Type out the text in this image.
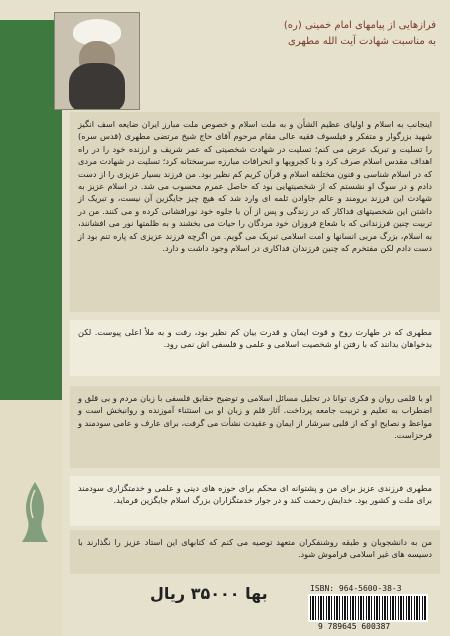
فرازهایی از پیامهای امام خمینی (ره)
به مناسبت شهادت آیت الله مطهری

اینجانب به اسلام و اولیای عظیم الشأن و به ملت اسلام و خصوص ملت مبارز ایران ضایعه اسف انگیز شهید بزرگوار و متفکر و فیلسوف فقیه عالی مقام مرحوم آقای حاج شیخ مرتضی مطهری (قدس سره) را تسلیت و تبریک عرض می کنم؛ تسلیت در شهادت شخصیتی که عمر شریف و ارزنده خود را در راه اهداف مقدس اسلام صرف کرد و با کجرویها و انحرافات مبارزه سرسختانه کرد؛ تسلیت در شهادت مردی که در اسلام شناسی و فنون مختلفه اسلام و قرآن کریم کم نظیر بود. من فرزند بسیار عزیزی را از دست دادم و در سوگ او نشستم که از شخصیتهایی بود که حاصل عمرم محسوب می شد. در اسلام عزیز به شهادت این فرزند برومند و عالم جاوادن ثلمه ای وارد شد که هیچ چیز جایگزین آن نیست، و تبریک از داشتن این شخصیتهای فداکار که در زندگی و پس از آن با جلوه خود نورافشانی کرده و می کنند. من در تربیت چنین فرزندانی که با شعاع فروزان خود مردگان را حیات می بخشند و به ظلمتها نور می افشانند، به اسلام، بزرگ مربی انسانها و امت اسلامی تبریک می گویم. من اگرچه فرزند عزیزی که پاره تنم بود از دست دادم لکن مفتخرم که چنین فرزندان فداکاری در اسلام وجود داشت و دارد.

مطهری که در طهارت روح و قوت ایمان و قدرت بیان کم نظیر بود، رفت و به ملأ اعلی پیوست. لکن بدخواهان بدانند که با رفتن او شخصیت اسلامی و علمی و فلسفی اش نمی رود.

او با قلمی روان و فکری توانا در تحلیل مسائل اسلامی و توضیح حقایق فلسفی با زبان مردم و بی قلق و اضطراب به تعلیم و تربیت جامعه پرداخت. آثار قلم و زبان او بی استثناء آموزنده و روانبخش است و مواعظ و نصایح او که از قلبی سرشار از ایمان و عقیدت نشأت می گرفت، برای عارف و عامی سودمند و فرحزاست.

مطهری فرزندی عزیز برای من و پشتوانه ای محکم برای حوزه های دینی و علمی و خدمتگزاری سودمند برای ملت و کشور بود. خدایش رحمت کند و در جوار خدمتگزاران بزرگ اسلام جایگزین فرماید.

من به دانشجویان و طبقه روشنفکران متعهد توصیه می کنم که کتابهای این استاد عزیز را نگذارند با دسیسه های غیر اسلامی فراموش شود.

بها ۳۵۰۰۰ ریال	ISBN: 964-5600-38-3
9 789645 600387
